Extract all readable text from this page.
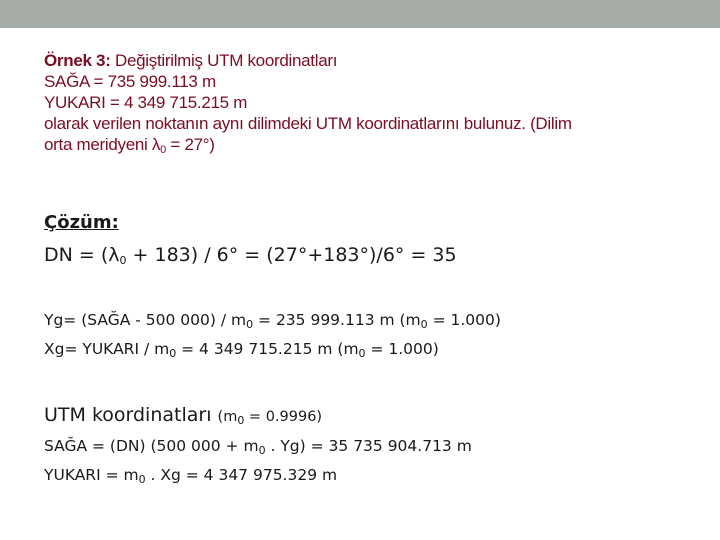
Örnek 3: Değiştirilmiş UTM koordinatları
SAĞA = 735 999.113 m
YUKARI = 4 349 715.215 m
olarak verilen noktanın aynı dilimdeki UTM koordinatlarını bulunuz. (Dilim
orta meridyeni $\lambda_0 = 27^\circ$)
Çözüm:
DN = $(\lambda_0 + 183) / 6^\circ = (27^\circ+183^\circ)/6^\circ = 35$
Yg= (SAĞA - 500 $000) / m_0 = 235$ 999.113 m $(m_0 = 1.000)$
Xg= YUKARI / $m_0 = 4$ 349 715.215 m $(m_0 = 1.000)$
UTM koordinatları $(m_0 = 0.9996)$
SAĞA = (DN) (500 $000 + m_0$ . Yg) = 35 735 904.713 m
YUKARI = $m_0$ . Xg = 4 347 975.329 m
